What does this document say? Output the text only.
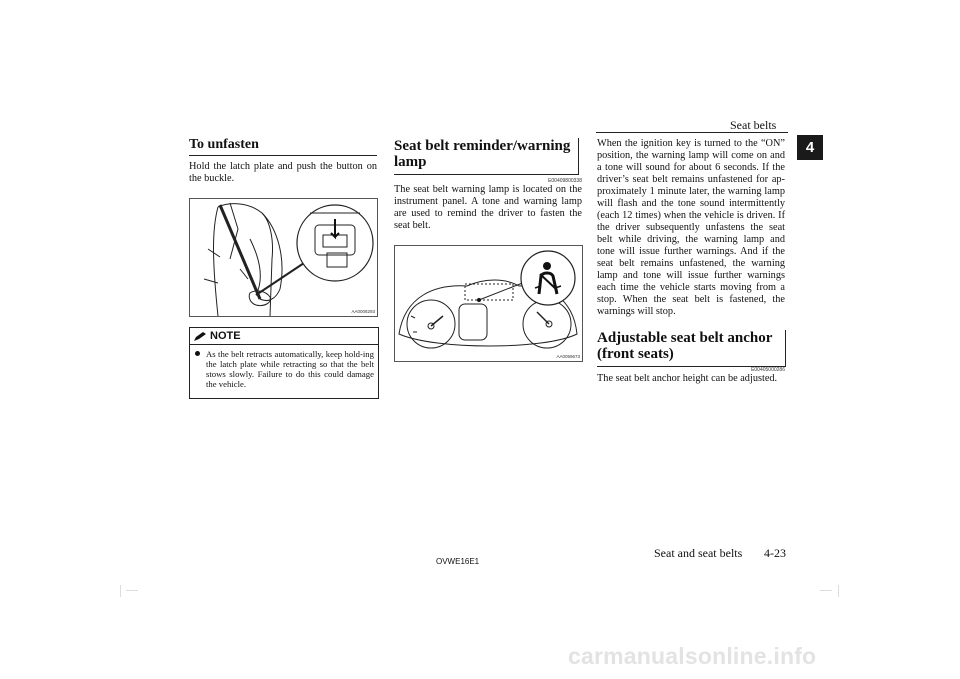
Seat belts
4
To unfasten
Hold the latch plate and push the button on the buckle.
AA0008293
NOTE
As the belt retracts automatically, keep hold-ing the latch plate while retracting so that the belt stows slowly. Failure to do this could damage the vehicle.
Seat belt reminder/warning lamp
E00409800338
The seat belt warning lamp is located on the instrument panel. A tone and warning lamp are used to remind the driver to fasten the seat belt.
AA0059673
When the ignition key is turned to the “ON” position, the warning lamp will come on and a tone will sound for about 6 seconds. If the driver’s seat belt remains unfastened for ap-proximately 1 minute later, the warning lamp will flash and the tone sound intermittently (each 12 times) when the vehicle is driven. If the driver subsequently unfastens the seat belt while driving, the warning lamp and tone will issue further warnings. And if the seat belt remains unfastened, the warning lamp and tone will issue further warnings each time the vehicle starts moving from a stop. When the seat belt is fastened, the warnings will stop.
Adjustable seat belt anchor (front seats)
E00405000286
The seat belt anchor height can be adjusted.
OVWE16E1
Seat and seat belts 4-23
carmanualsonline.info
